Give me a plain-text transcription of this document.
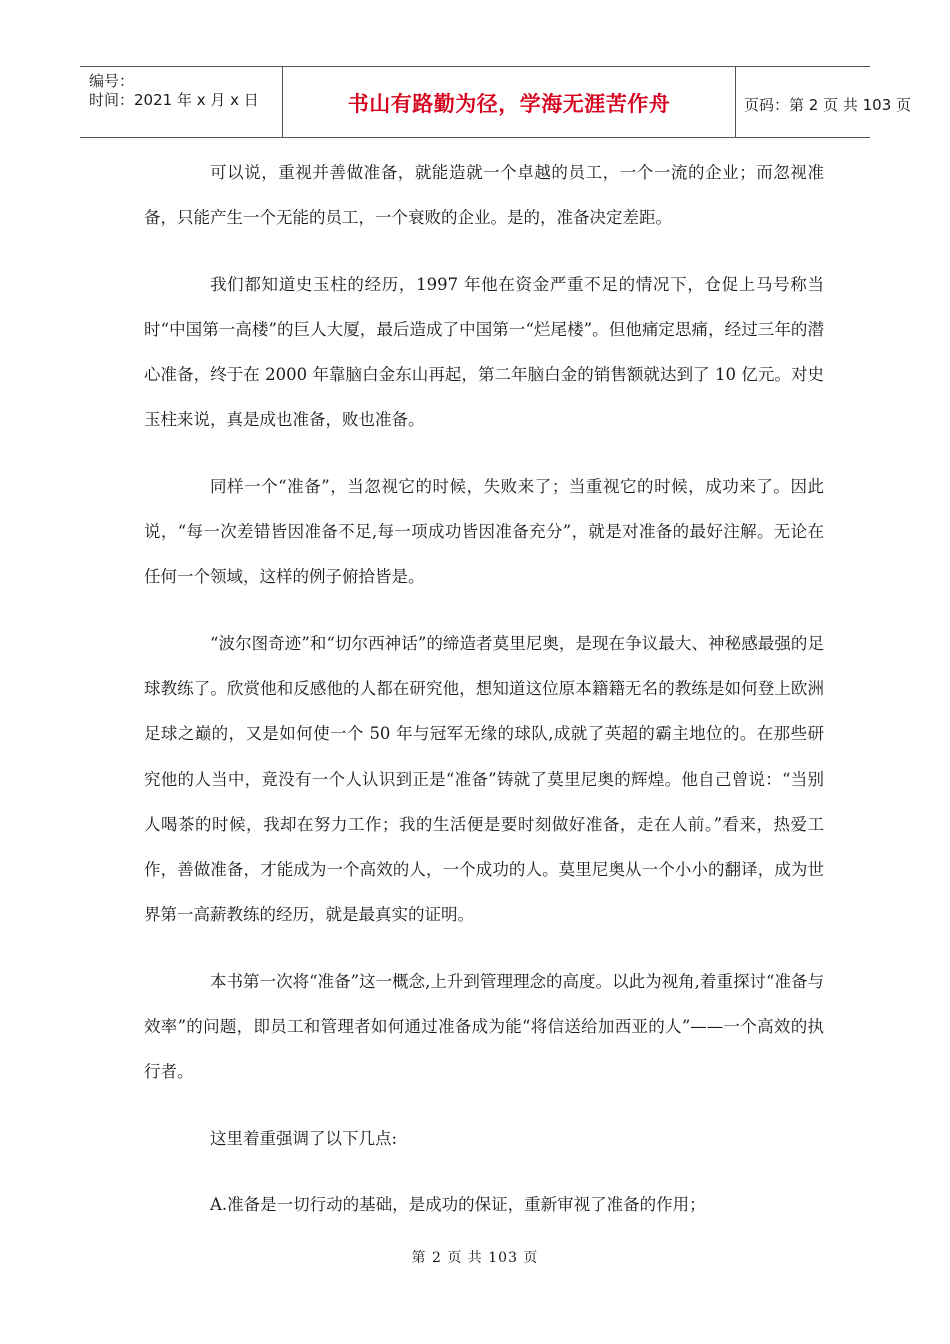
编号：
时间：2021 年 x 月 x 日	书山有路勤为径，学海无涯苦作舟	页码：第 2 页 共 103 页

可以说，重视并善做准备，就能造就一个卓越的员工，一个一流的企业；而忽视准备，只能产生一个无能的员工，一个衰败的企业。是的，准备决定差距。

我们都知道史玉柱的经历，1997 年他在资金严重不足的情况下，仓促上马号称当时“中国第一高楼”的巨人大厦，最后造成了中国第一“烂尾楼”。但他痛定思痛，经过三年的潜心准备，终于在 2000 年靠脑白金东山再起，第二年脑白金的销售额就达到了 10 亿元。对史玉柱来说，真是成也准备，败也准备。

同样一个“准备”，当忽视它的时候，失败来了；当重视它的时候，成功来了。因此说，“每一次差错皆因准备不足,每一项成功皆因准备充分”，就是对准备的最好注解。无论在任何一个领域，这样的例子俯拾皆是。

“波尔图奇迹”和“切尔西神话”的缔造者莫里尼奥，是现在争议最大、神秘感最强的足球教练了。欣赏他和反感他的人都在研究他，想知道这位原本籍籍无名的教练是如何登上欧洲足球之巅的，又是如何使一个 50 年与冠军无缘的球队,成就了英超的霸主地位的。在那些研究他的人当中，竟没有一个人认识到正是“准备”铸就了莫里尼奥的辉煌。他自己曾说：“当别人喝茶的时候，我却在努力工作；我的生活便是要时刻做好准备，走在人前。”看来，热爱工作，善做准备，才能成为一个高效的人，一个成功的人。莫里尼奥从一个小小的翻译，成为世界第一高薪教练的经历，就是最真实的证明。

本书第一次将“准备”这一概念,上升到管理理念的高度。以此为视角,着重探讨“准备与效率”的问题，即员工和管理者如何通过准备成为能“将信送给加西亚的人”——一个高效的执行者。

这里着重强调了以下几点:

A.准备是一切行动的基础，是成功的保证，重新审视了准备的作用；

第 2 页 共 103 页
